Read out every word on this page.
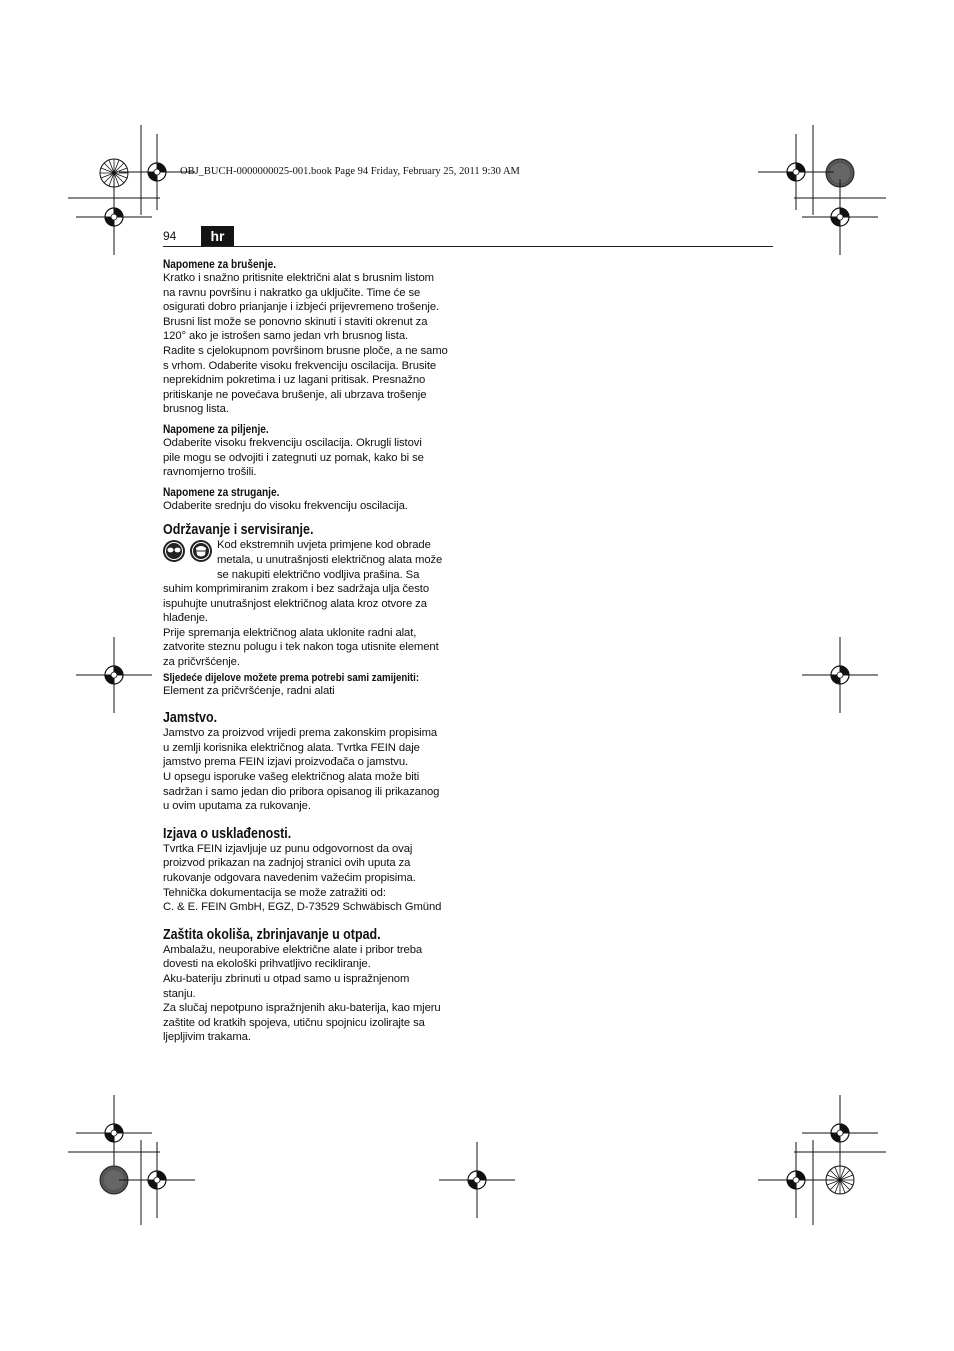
OBJ_BUCH-0000000025-001.book Page 94 Friday, February 25, 2011 9:30 AM
94	hr

Napomene za brušenje.

Kratko i snažno pritisnite električni alat s brusnim listom
na ravnu površinu i nakratko ga uključite. Time će se
osigurati dobro prianjanje i izbjeći prijevremeno trošenje.
Brusni list može se ponovno skinuti i staviti okrenut za
120° ako je istrošen samo jedan vrh brusnog lista.
Radite s cjelokupnom površinom brusne ploče, a ne samo
s vrhom. Odaberite visoku frekvenciju oscilacija. Brusite
neprekidnim pokretima i uz lagani pritisak. Presnažno
pritiskanje ne povećava brušenje, ali ubrzava trošenje
brusnog lista.

Napomene za piljenje.

Odaberite visoku frekvenciju oscilacija. Okrugli listovi
pile mogu se odvojiti i zategnuti uz pomak, kako bi se
ravnomjerno trošili.

Napomene za struganje.

Odaberite srednju do visoku frekvenciju oscilacija.

Održavanje i servisiranje.

Kod ekstremnih uvjeta primjene kod obrade
metala, u unutrašnjosti električnog alata može
se nakupiti električno vodljiva prašina. Sa
suhim komprimiranim zrakom i bez sadržaja ulja često
ispuhujte unutrašnjost električnog alata kroz otvore za
hlađenje.
Prije spremanja električnog alata uklonite radni alat,
zatvorite steznu polugu i tek nakon toga utisnite element
za pričvršćenje.

Sljedeće dijelove možete prema potrebi sami zamijeniti:

Element za pričvršćenje, radni alati

Jamstvo.

Jamstvo za proizvod vrijedi prema zakonskim propisima
u zemlji korisnika električnog alata. Tvrtka FEIN daje
jamstvo prema FEIN izjavi proizvođača o jamstvu.
U opsegu isporuke vašeg električnog alata može biti
sadržan i samo jedan dio pribora opisanog ili prikazanog
u ovim uputama za rukovanje.

Izjava o usklađenosti.

Tvrtka FEIN izjavljuje uz punu odgovornost da ovaj
proizvod prikazan na zadnjoj stranici ovih uputa za
rukovanje odgovara navedenim važećim propisima.
Tehnička dokumentacija se može zatražiti od:
C. & E. FEIN GmbH, EGZ, D-73529 Schwäbisch Gmünd

Zaštita okoliša, zbrinjavanje u otpad.

Ambalažu, neuporabive električne alate i pribor treba
dovesti na ekološki prihvatljivo recikliranje.
Aku-bateriju zbrinuti u otpad samo u ispražnjenom
stanju.
Za slučaj nepotpuno ispražnjenih aku-baterija, kao mjeru
zaštite od kratkih spojeva, utičnu spojnicu izolirajte sa
ljepljivim trakama.
